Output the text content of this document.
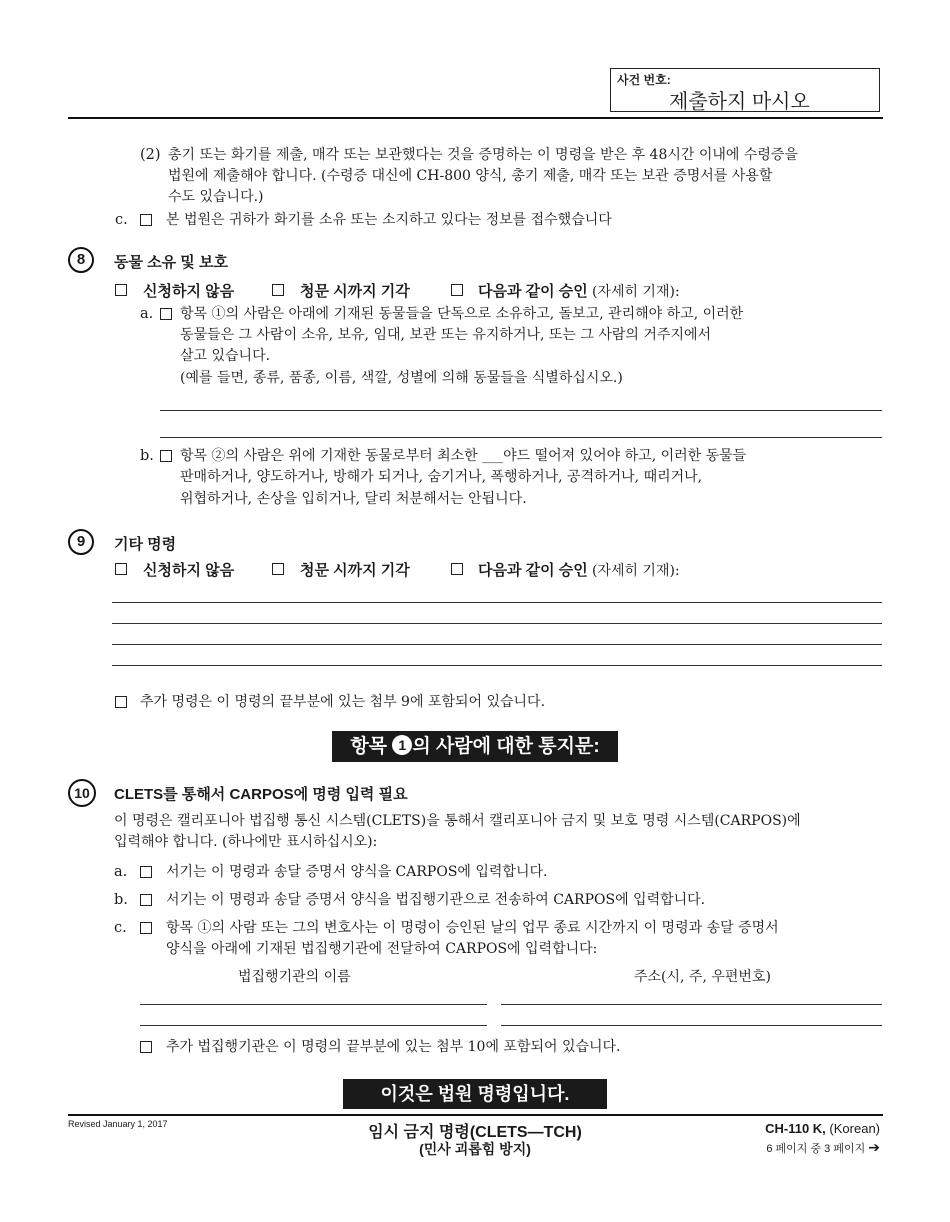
사건 번호:
제출하지 마시오
(2) 총기 또는 화기를 제출, 매각 또는 보관했다는 것을 증명하는 이 명령을 받은 후 48시간 이내에 수령증을
법원에 제출해야 합니다. (수령증 대신에 CH-800 양식, 총기 제출, 매각 또는 보관 증명서를 사용할
수도 있습니다.)
c.	본 법원은 귀하가 화기를 소유 또는 소지하고 있다는 정보를 접수했습니다
8	동물 소유 및 보호
신청하지 않음	청문 시까지 기각	다음과 같이 승인 (자세히 기재):
a. 항목 ①의 사람은 아래에 기재된 동물들을 단독으로 소유하고, 돌보고, 관리해야 하고, 이러한
동물들은 그 사람이 소유, 보유, 임대, 보관 또는 유지하거나, 또는 그 사람의 거주지에서
살고 있습니다.
(예를 들면, 종류, 품종, 이름, 색깔, 성별에 의해 동물들을 식별하십시오.)
b. 항목 ②의 사람은 위에 기재한 동물로부터 최소한 ___야드 떨어져 있어야 하고, 이러한 동물들
판매하거나, 양도하거나, 방해가 되거나, 숨기거나, 폭행하거나, 공격하거나, 때리거나,
위협하거나, 손상을 입히거나, 달리 처분해서는 안됩니다.
9	기타 명령
신청하지 않음	청문 시까지 기각	다음과 같이 승인 (자세히 기재):
추가 명령은 이 명령의 끝부분에 있는 첨부 9에 포함되어 있습니다.
항목 1 의 사람에 대한 통지문:
10	CLETS를 통해서 CARPOS에 명령 입력 필요
이 명령은 캘리포니아 법집행 통신 시스템(CLETS)을 통해서 캘리포니아 금지 및 보호 명령 시스템(CARPOS)에
입력해야 합니다. (하나에만 표시하십시오):
a.	서기는 이 명령과 송달 증명서 양식을 CARPOS에 입력합니다.
b.	서기는 이 명령과 송달 증명서 양식을 법집행기관으로 전송하여 CARPOS에 입력합니다.
c.	항목 ①의 사람 또는 그의 변호사는 이 명령이 승인된 날의 업무 종료 시간까지 이 명령과 송달 증명서
양식을 아래에 기재된 법집행기관에 전달하여 CARPOS에 입력합니다:
법집행기관의 이름	주소(시, 주, 우편번호)
추가 법집행기관은 이 명령의 끝부분에 있는 첨부 10에 포함되어 있습니다.
이것은 법원 명령입니다.
Revised January 1, 2017	임시 금지 명령(CLETS—TCH)
(민사 괴롭힘 방지)
CH-110 K, (Korean)
6 페이지 중 3 페이지 ➔
